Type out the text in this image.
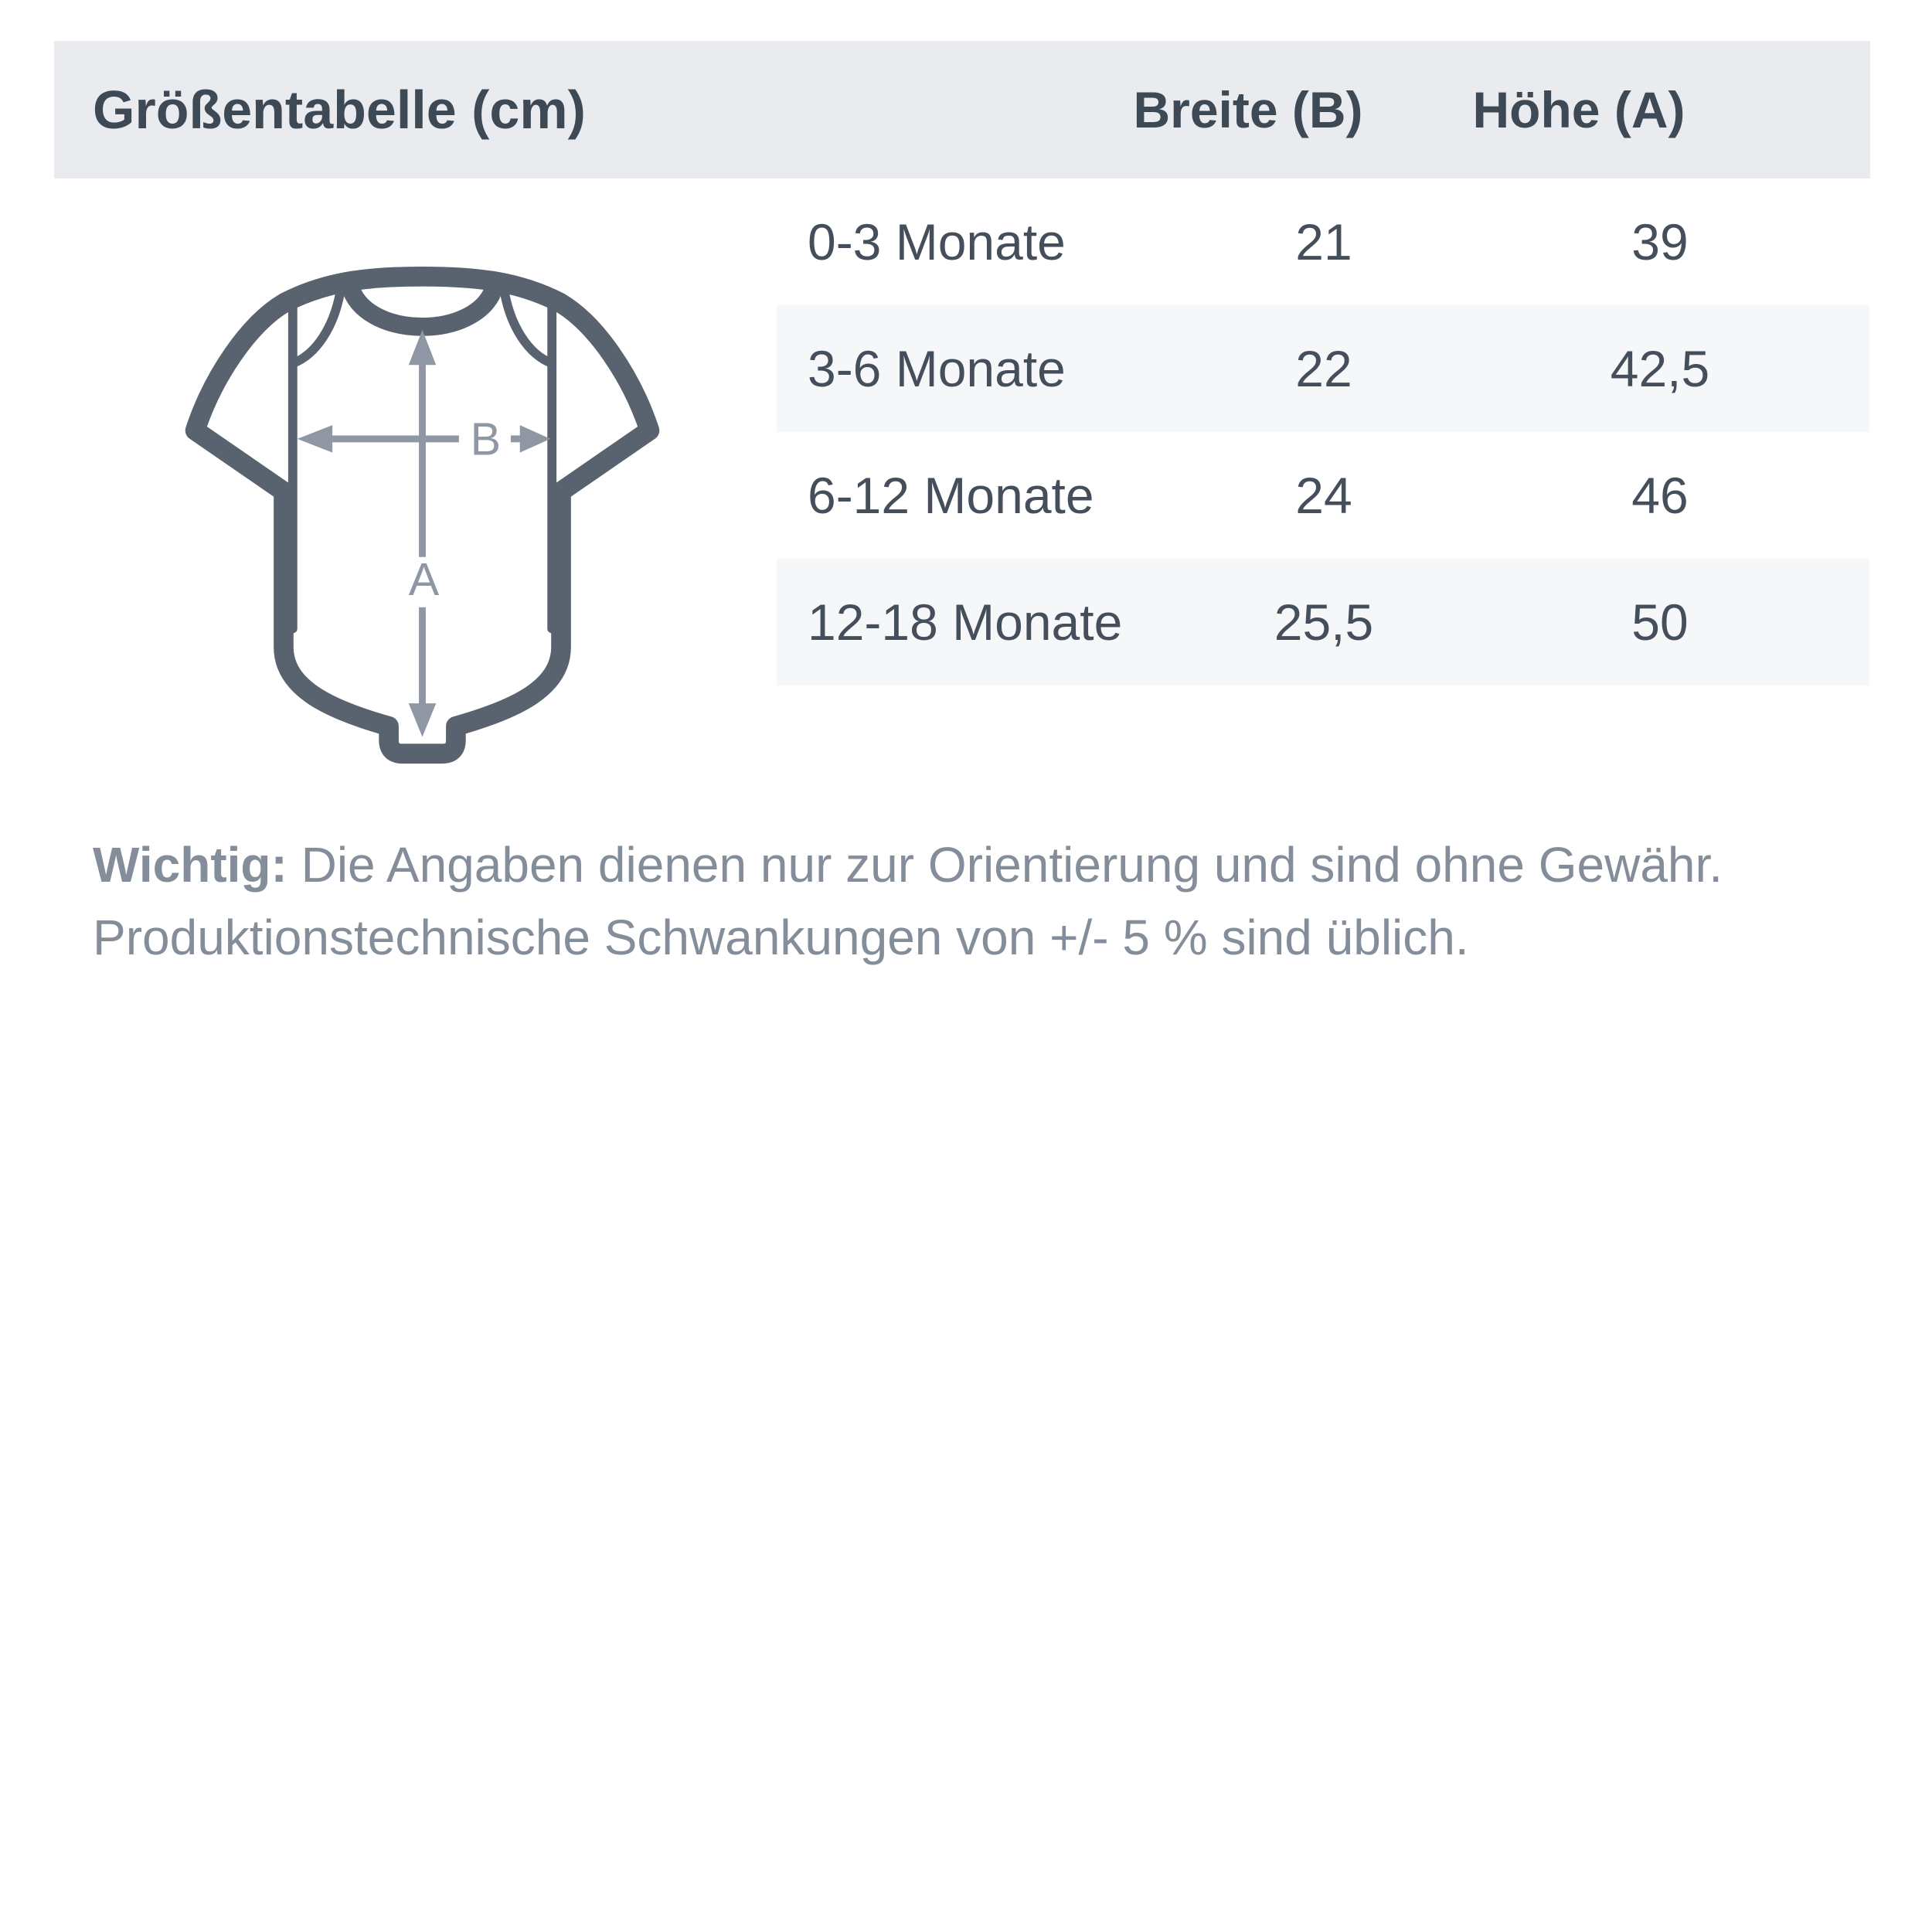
Größentabelle (cm)	Breite (B) Höhe (A)
0-3 Monate	21	39
3-6 Monate	22	42,5
6-12 Monate	24	46
12-18 Monate	25,5	50
B
A
Wichtig: Die Angaben dienen nur zur Orientierung und sind ohne Gewähr.
Produktionstechnische Schwankungen von +/- 5 % sind üblich.
